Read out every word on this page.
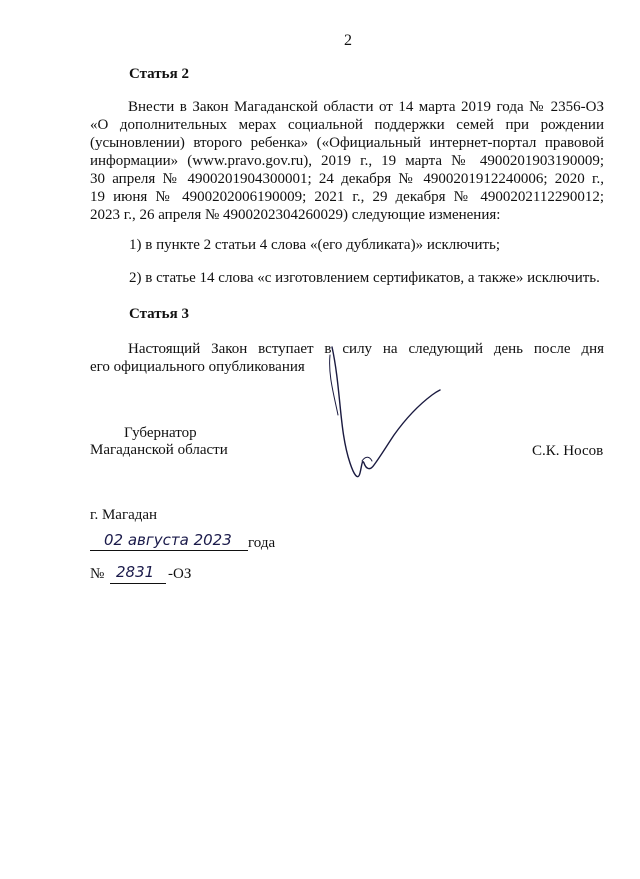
2
Статья 2
Внести в Закон Магаданской области от 14 марта 2019 года № 2356-ОЗ
«О дополнительных мерах социальной поддержки семей при рождении
(усыновлении) второго ребенка» («Официальный интернет-портал правовой
информации» (www.pravo.gov.ru), 2019 г., 19 марта № 4900201903190009;
30 апреля № 4900201904300001; 24 декабря № 4900201912240006; 2020 г.,
19 июня № 4900202006190009; 2021 г., 29 декабря № 4900202112290012;
2023 г., 26 апреля № 4900202304260029) следующие изменения:
1) в пункте 2 статьи 4 слова «(его дубликата)» исключить;
2) в статье 14 слова «с изготовлением сертификатов, а также» исключить.
Статья 3
Настоящий Закон вступает в силу на следующий день после дня
его официального опубликования
Губернатор
Магаданской области	С.К. Носов
г. Магадан
02 августа 2023 года
№ 2831 -ОЗ
